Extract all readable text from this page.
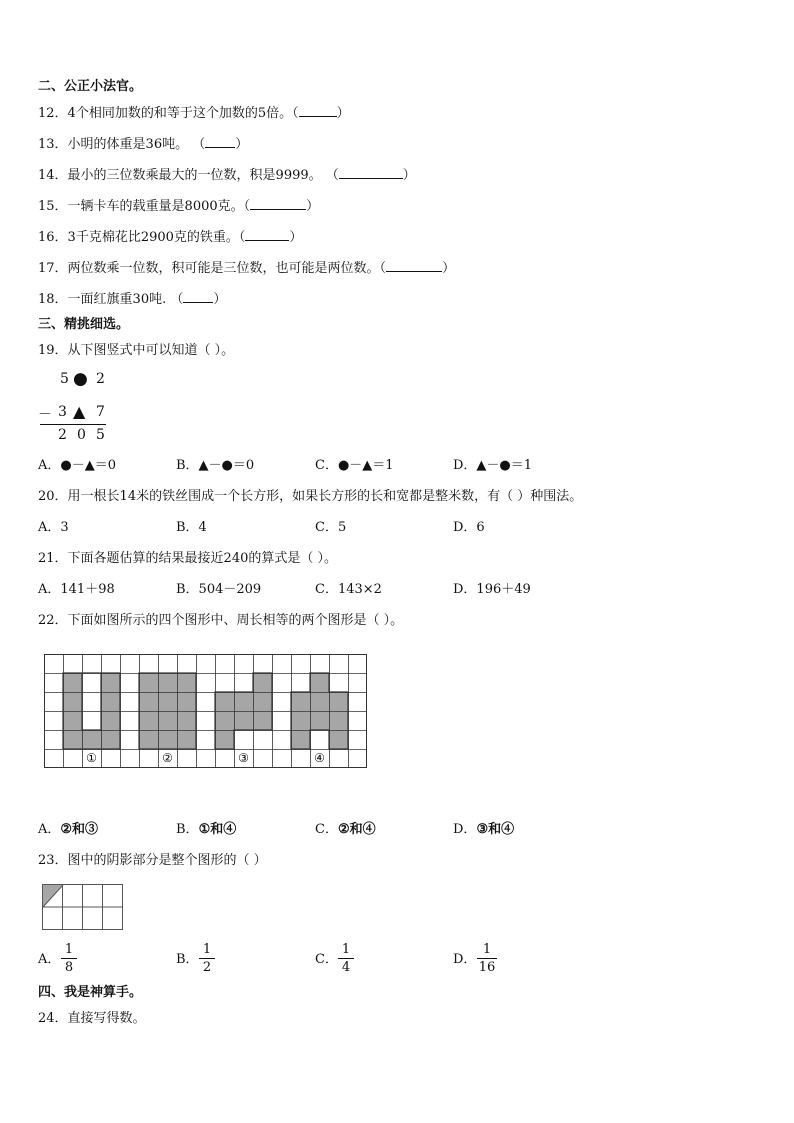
二、公正小法官。
12．4个相同加数的和等于这个加数的5倍。（	）
13．小明的体重是36吨。 （ ）
14．最小的三位数乘最大的一位数，积是9999。 （	）
15．一辆卡车的载重量是8000克。（	）
16．3千克棉花比2900克的铁重。（	）
17．两位数乘一位数，积可能是三位数，也可能是两位数。（	）
18．一面红旗重30吨. （ ）
三、精挑细选。
19．从下图竖式中可以知道（ ）。
5 ● 2
－ 3 ▲ 7
2 0 5
A．●－▲＝0	B．▲－●＝0	C．●－▲＝1	D．▲－●＝1
20．用一根长14米的铁丝围成一个长方形，如果长方形的长和宽都是整米数，有（ ）种围法。
A．3	B．4	C．5	D．6
21．下面各题估算的结果最接近240的算式是（ ）。
A．141＋98	B．504－209	C．143×2	D．196＋49
22．下面如图所示的四个图形中、周长相等的两个图形是（ ）。
①	②	③	④
A．②和③	B．①和④	C．②和④	D．③和④
23．图中的阴影部分是整个图形的（ ）
A．
1
8
B．
1
2
C．
1
4
D．
1
16
四、我是神算手。
24．直接写得数。
